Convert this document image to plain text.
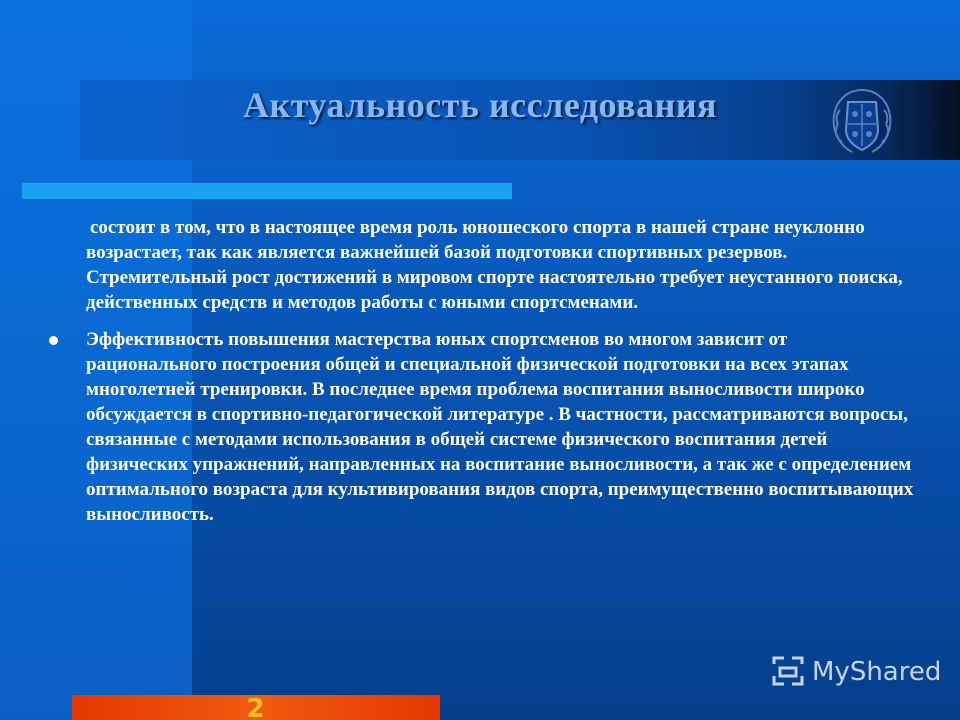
Актуальность исследования

состоит в том, что в настоящее время роль юношеского спорта в нашей стране неуклонно возрастает, так как является важнейшей базой подготовки спортивных резервов. Стремительный рост достижений в мировом спорте настоятельно требует неустанного поиска, действенных средств и методов работы с юными спортсменами.

Эффективность повышения мастерства юных спортсменов во многом зависит от рационального построения общей и специальной физической подготовки на всех этапах многолетней тренировки. В последнее время проблема воспитания выносливости широко обсуждается в спортивно-педагогической литературе . В частности, рассматриваются вопросы, связанные с методами использования в общей системе физического воспитания детей физических упражнений, направленных на воспитание выносливости, а так же с определением оптимального возраста для культивирования видов спорта, преимущественно воспитывающих выносливость.
2
MyShared
